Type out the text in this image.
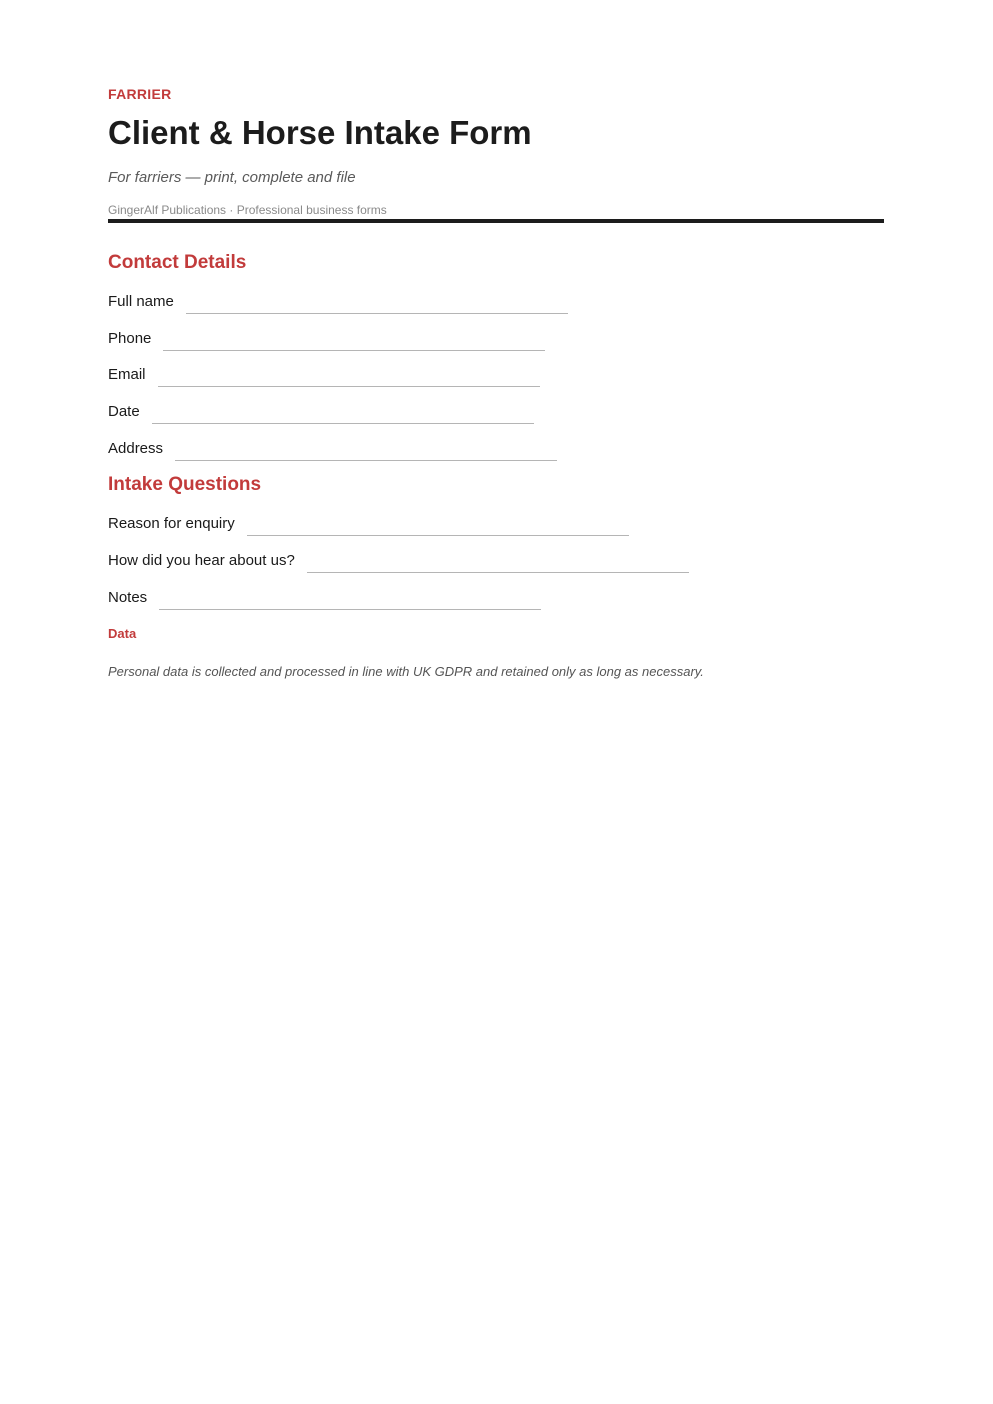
FARRIER
Client & Horse Intake Form
For farriers — print, complete and file
GingerAlf Publications · Professional business forms
Contact Details
Full name
Phone
Email
Date
Address
Intake Questions
Reason for enquiry
How did you hear about us?
Notes
Data
Personal data is collected and processed in line with UK GDPR and retained only as long as necessary.
